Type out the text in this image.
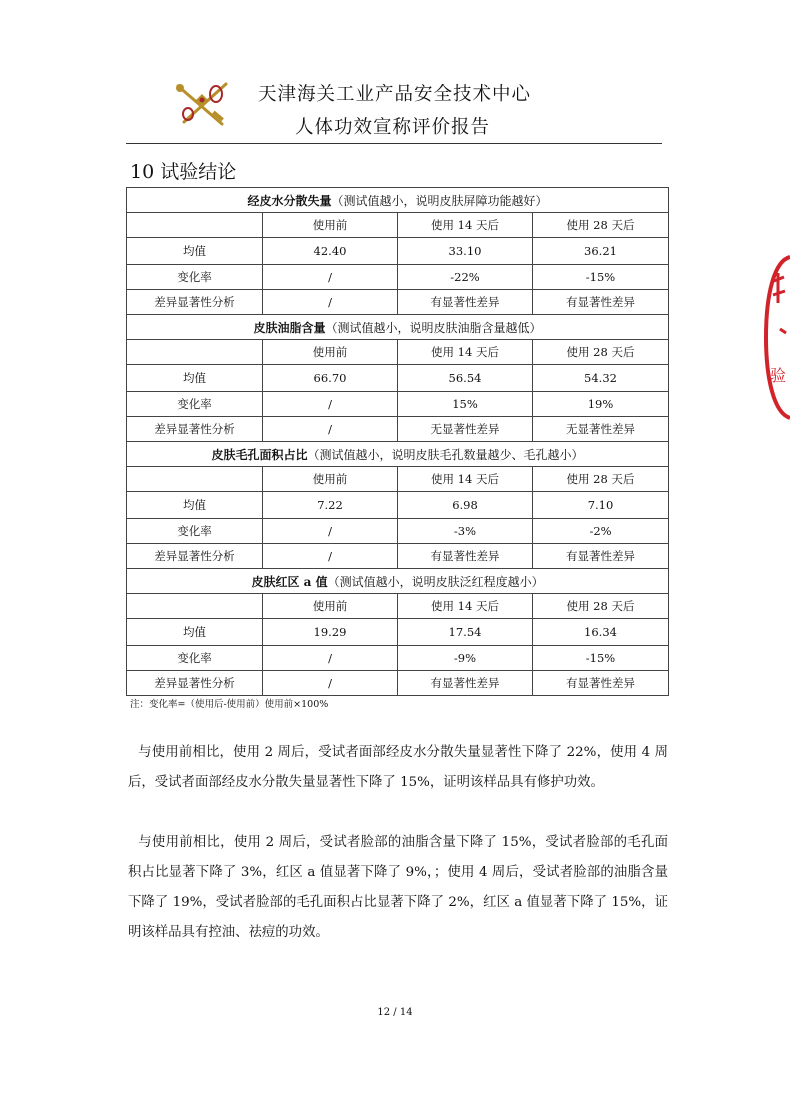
天津海关工业产品安全技术中心
人体功效宣称评价报告
10 试验结论
经皮水分散失量（测试值越小，说明皮肤屏障功能越好）			
	使用前	使用 14 天后	使用 28 天后
均值	42.40	33.10	36.21
变化率	/	-22%	-15%
差异显著性分析	/	有显著性差异	有显著性差异
皮肤油脂含量（测试值越小，说明皮肤油脂含量越低）			
	使用前	使用 14 天后	使用 28 天后
均值	66.70	56.54	54.32
变化率	/	15%	19%
差异显著性分析	/	无显著性差异	无显著性差异
皮肤毛孔面积占比（测试值越小，说明皮肤毛孔数量越少、毛孔越小）			
	使用前	使用 14 天后	使用 28 天后
均值	7.22	6.98	7.10
变化率	/	-3%	-2%
差异显著性分析	/	有显著性差异	有显著性差异
皮肤红区 a 值（测试值越小，说明皮肤泛红程度越小）			
	使用前	使用 14 天后	使用 28 天后
均值	19.29	17.54	16.34
变化率	/	-9%	-15%
差异显著性分析	/	有显著性差异	有显著性差异
注：变化率=（使用后-使用前）使用前×100%
与使用前相比，使用 2 周后，受试者面部经皮水分散失量显著性下降了 22%，使用 4 周后，受试者面部经皮水分散失量显著性下降了 15%，证明该样品具有修护功效。
与使用前相比，使用 2 周后，受试者脸部的油脂含量下降了 15%，受试者脸部的毛孔面积占比显著下降了 3%，红区 a 值显著下降了 9%，；使用 4 周后，受试者脸部的油脂含量下降了 19%，受试者脸部的毛孔面积占比显著下降了 2%，红区 a 值显著下降了 15%，证明该样品具有控油、祛痘的功效。
12 / 14
验
